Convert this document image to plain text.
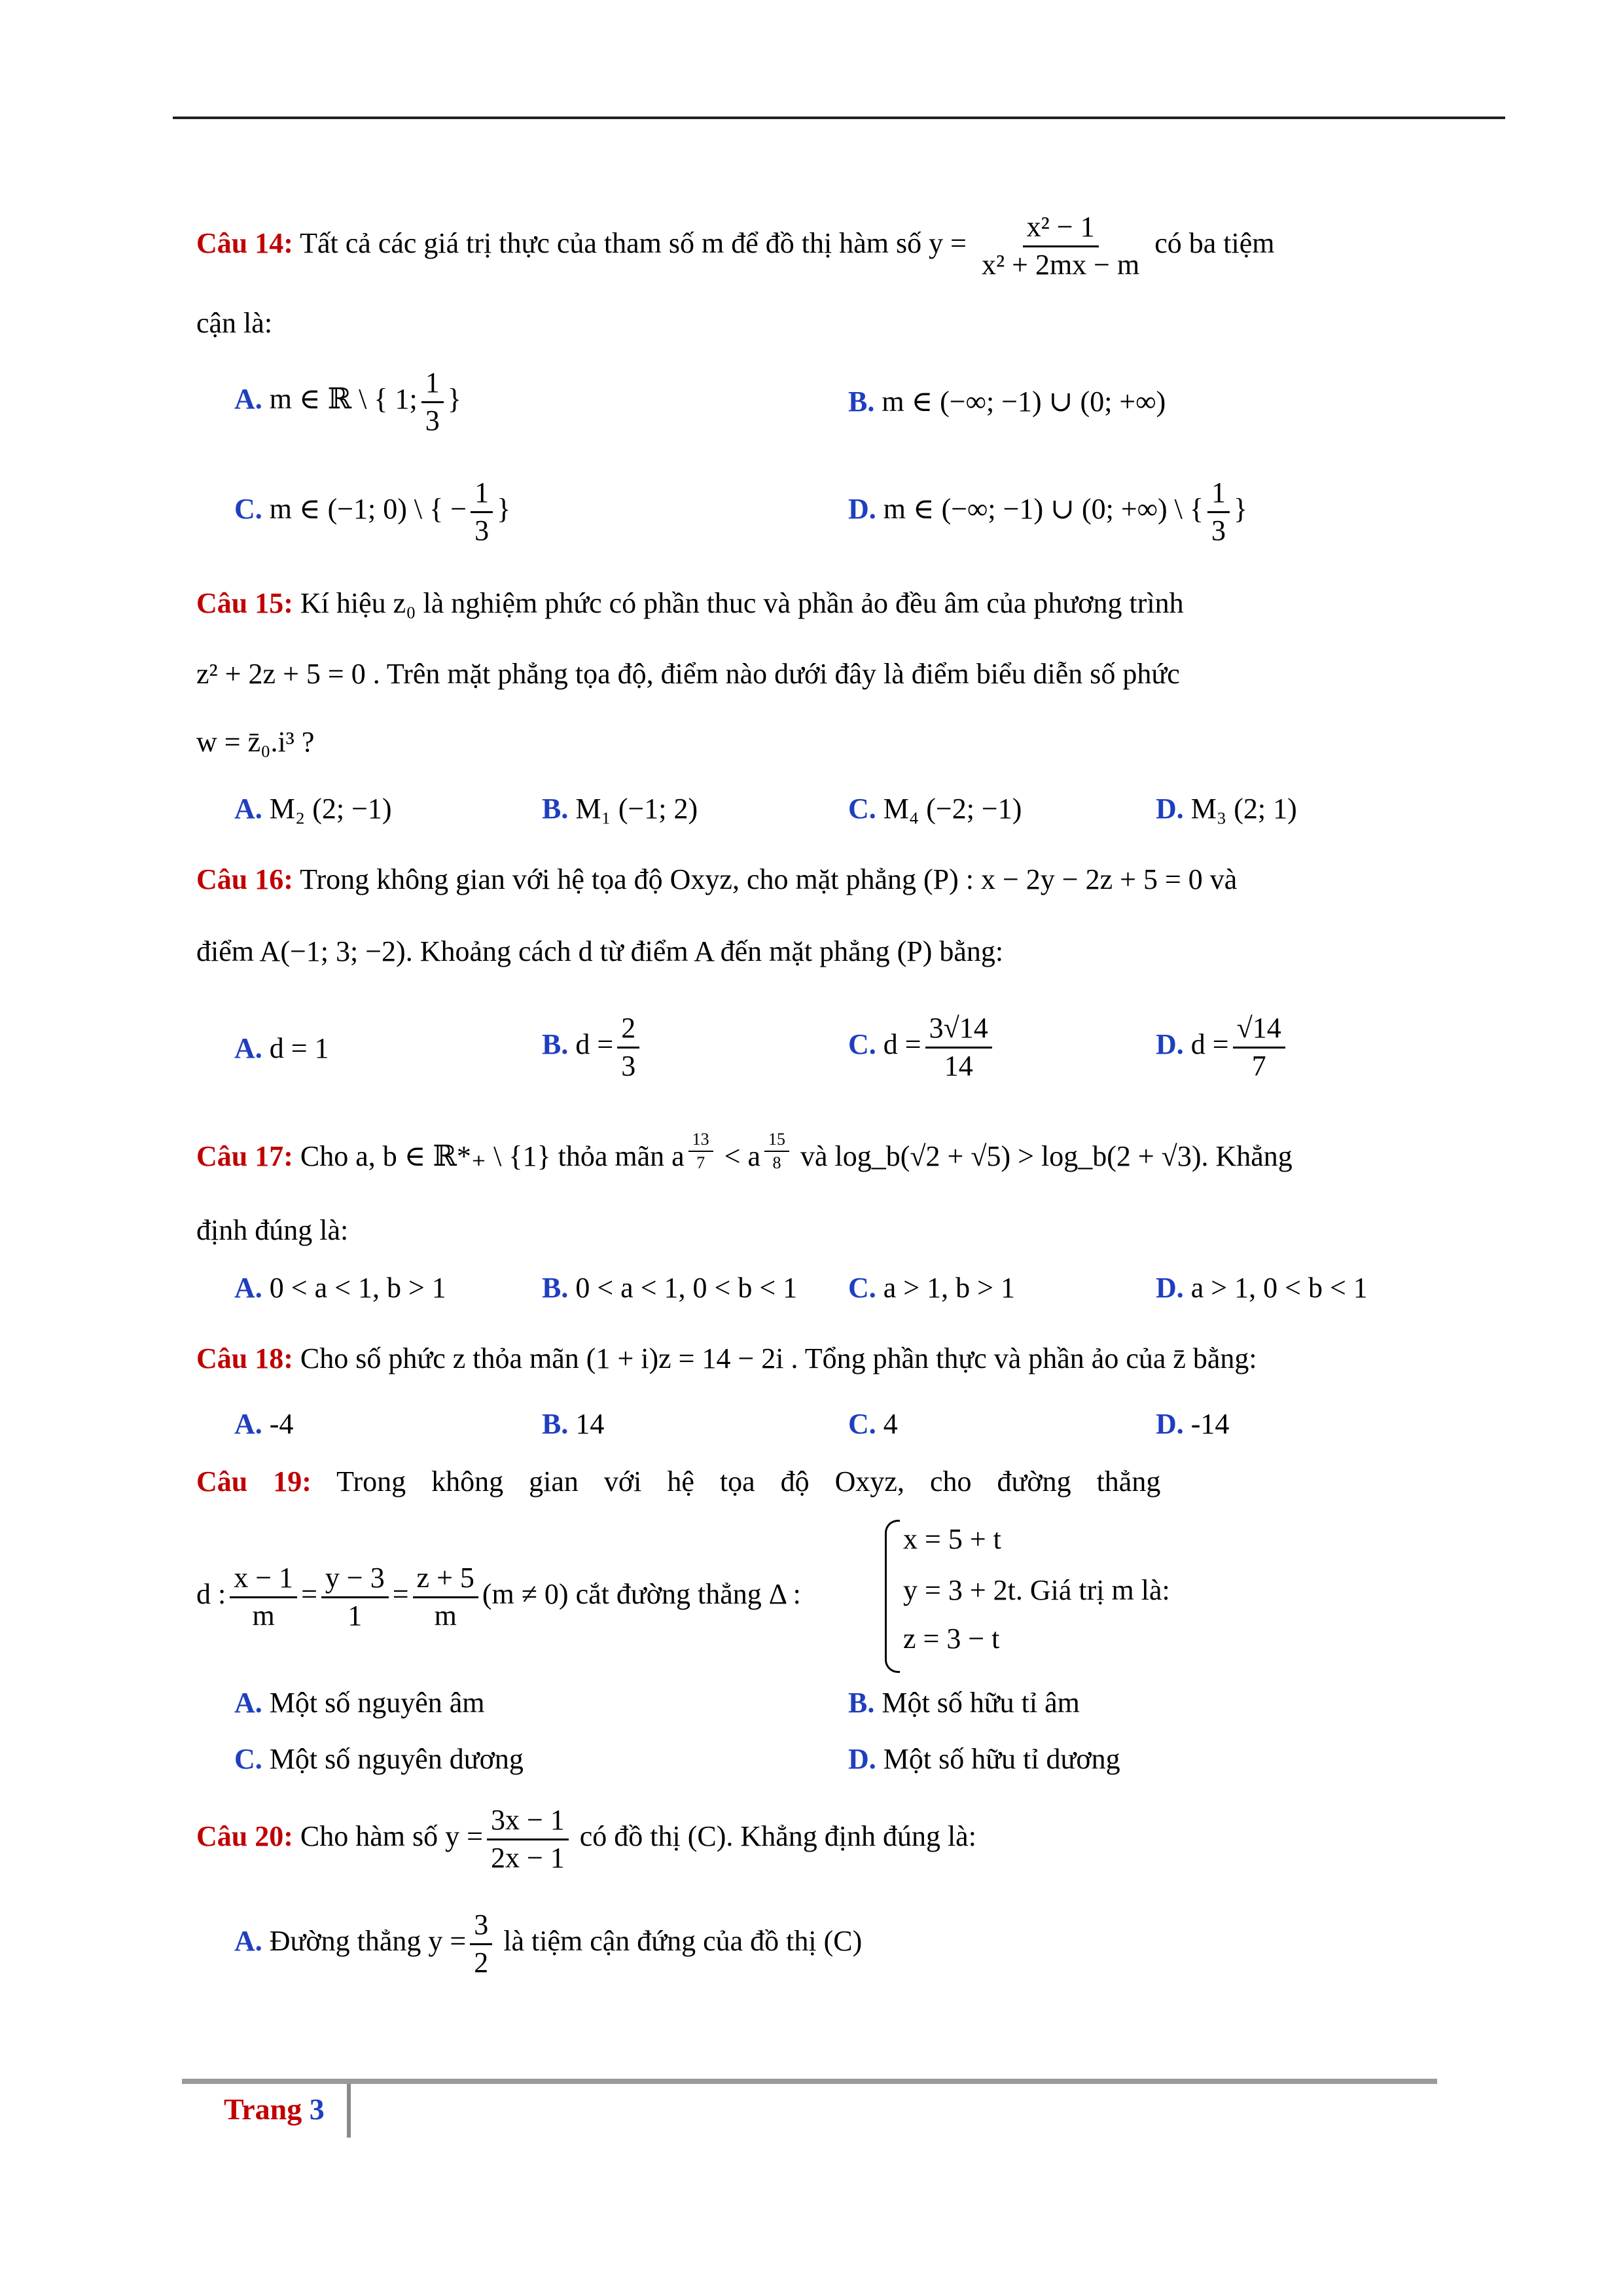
Câu 14: Tất cả các giá trị thực của tham số m để đồ thị hàm số $y = \frac{\text{x² − 1}}{\text{x² + 2mx − m}}$ có ba tiệm
cận là:
A. m ∈ ℝ \ { 1; $\frac{1}{3}$ }	B. m ∈ (−∞; −1) ∪ (0; +∞)
C. m ∈ (−1; 0) \ { − $\frac{1}{3}$ }	D. m ∈ (−∞; −1) ∪ (0; +∞) \ { $\frac{1}{3}$ }
Câu 15: Kí hiệu z₀ là nghiệm phức có phần thuc và phần ảo đều âm của phương trình
z² + 2z + 5 = 0 . Trên mặt phẳng tọa độ, điểm nào dưới đây là điểm biểu diễn số phức
w = z̄₀.i³ ?
A. M₂ (2; −1)	B. M₁ (−1; 2)	C. M₄ (−2; −1)	D. M₃ (2; 1)
Câu 16: Trong không gian với hệ tọa độ Oxyz, cho mặt phẳng (P) : x − 2y − 2z + 5 = 0 và
điểm A(−1; 3; −2). Khoảng cách d từ điểm A đến mặt phẳng (P) bằng:
A. d = 1	B. $d = \frac{2}{3}$	C. $d = \frac{3√14}{14}$	D. $d = \frac{√14}{7}$
Câu 17: Cho a, b ∈ ℝ*₊ \ {1} thỏa mãn a $^{\frac{13}{7}}$ < a $^{\frac{15}{8}}$ và log_b(√2 + √5) > log_b(2 + √3). Khẳng
định đúng là:
A. 0 < a < 1, b > 1	B. 0 < a < 1, 0 < b < 1 C. a > 1, b > 1	D. a > 1, 0 < b < 1
Câu 18: Cho số phức z thỏa mãn (1 + i)z = 14 − 2i . Tổng phần thực và phần ảo của z̄ bằng:
A. -4	B. 14	C. 4	D. -14
Câu 19: Trong không gian với hệ tọa độ Oxyz, cho đường thẳng
d : $\frac{x - 1}{m} = \frac{y - 3}{1} = \frac{z + 5}{m} (m \ne 0)$ cắt đường thẳng Δ :
x = 5 + t
y = 3 + 2t. Giá trị m là:
z = 3 − t
A. Một số nguyên âm	B. Một số hữu tỉ âm
C. Một số nguyên dương	D. Một số hữu tỉ dương
Câu 20: Cho hàm số $y = \frac{3x - 1}{2x - 1}$ có đồ thị (C). Khẳng định đúng là:
A. Đường thẳng $y = \frac{3}{2}$ là tiệm cận đứng của đồ thị (C)
Trang 3
